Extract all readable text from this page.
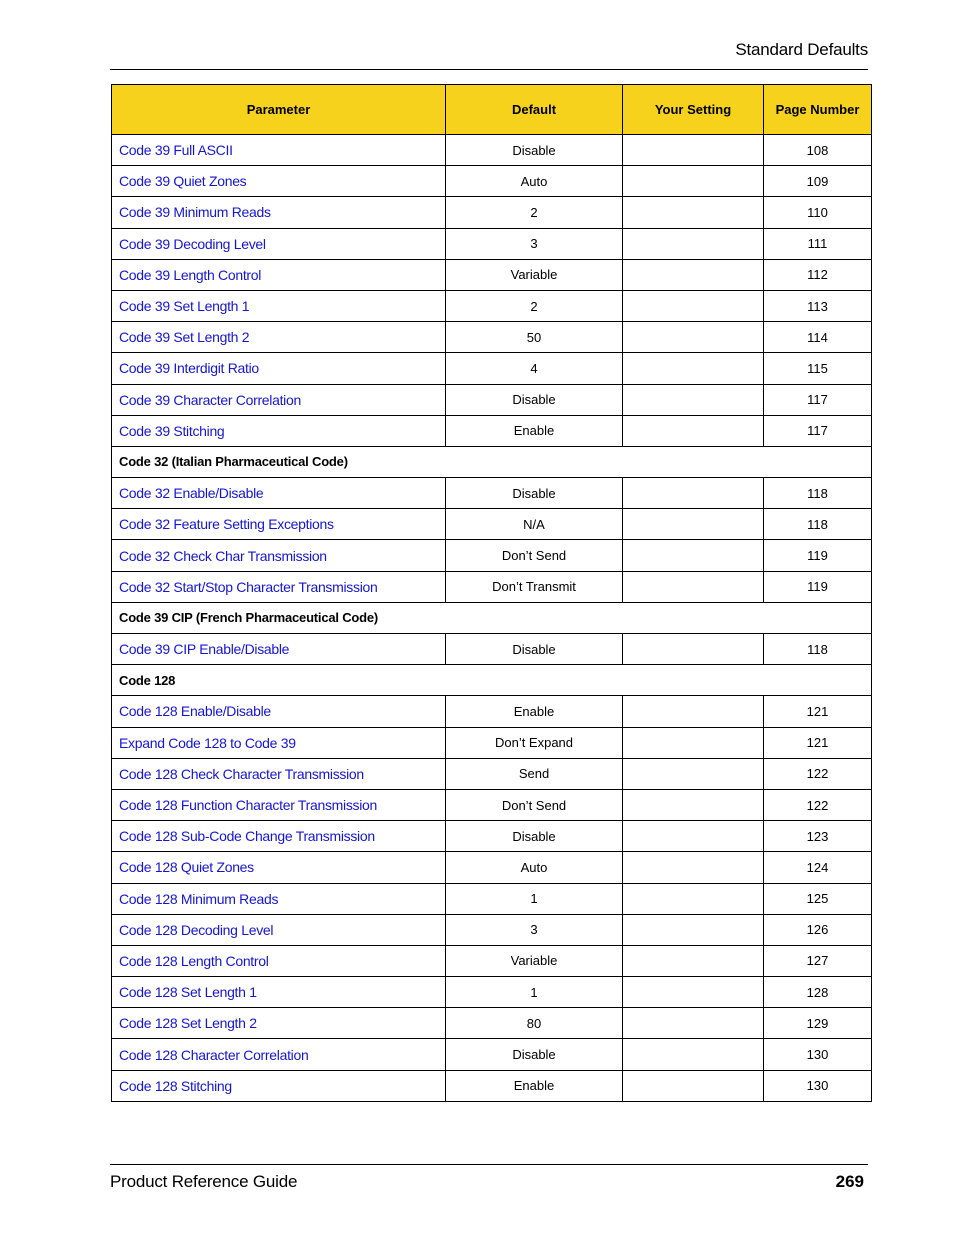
Standard Defaults
Parameter	Default	Your Setting	Page Number
Code 39 Full ASCII	Disable		108
Code 39 Quiet Zones	Auto		109
Code 39 Minimum Reads	2		110
Code 39 Decoding Level	3		111
Code 39 Length Control	Variable		112
Code 39 Set Length 1	2		113
Code 39 Set Length 2	50		114
Code 39 Interdigit Ratio	4		115
Code 39 Character Correlation	Disable		117
Code 39 Stitching	Enable		117
Code 32 (Italian Pharmaceutical Code)			
Code 32 Enable/Disable	Disable		118
Code 32 Feature Setting Exceptions	N/A		118
Code 32 Check Char Transmission	Don’t Send		119
Code 32 Start/Stop Character Transmission	Don’t Transmit		119
Code 39 CIP (French Pharmaceutical Code)			
Code 39 CIP Enable/Disable	Disable		118
Code 128			
Code 128 Enable/Disable	Enable		121
Expand Code 128 to Code 39	Don’t Expand		121
Code 128 Check Character Transmission	Send		122
Code 128 Function Character Transmission	Don’t Send		122
Code 128 Sub-Code Change Transmission	Disable		123
Code 128 Quiet Zones	Auto		124
Code 128 Minimum Reads	1		125
Code 128 Decoding Level	3		126
Code 128 Length Control	Variable		127
Code 128 Set Length 1	1		128
Code 128 Set Length 2	80		129
Code 128 Character Correlation	Disable		130
Code 128 Stitching	Enable		130
Product Reference Guide	269
